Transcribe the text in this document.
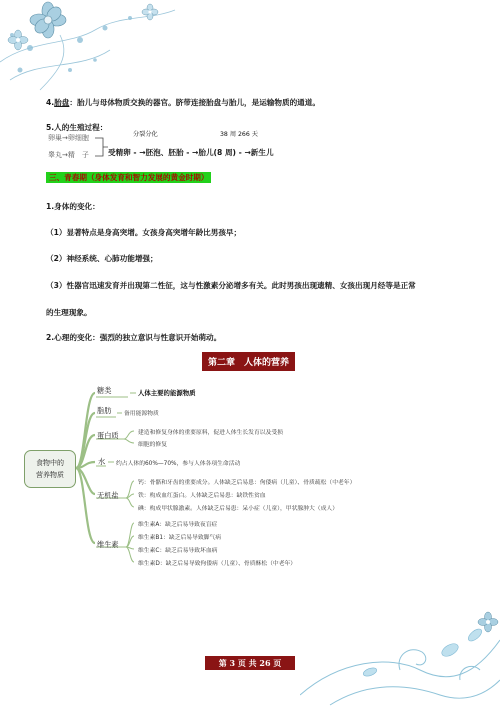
4.胎盘：胎儿与母体物质交换的器官。脐带连接胎盘与胎儿，是运输物质的通道。
5.人的生殖过程：
分裂分化	38 周 266 天
卵巢→卵细胞
睾丸→精　子	受精卵 - →胚泡、胚胎 - →胎儿(8 周) - →新生儿
三、青春期（身体发育和智力发展的黄金时期）
1.身体的变化：
（1）显著特点是身高突增。女孩身高突增年龄比男孩早；
（2）神经系统、心肺功能增强；
（3）性器官迅速发育并出现第二性征，这与性激素分泌增多有关。此时男孩出现遗精、女孩出现月经等是正常
的生理现象。
2.心理的变化：强烈的独立意识与性意识开始萌动。
第二章　人体的营养
食物中的
营养物质
糖类	人体主要的能源物质
脂肪 备用能源物质
蛋白质	建造和修复身体的重要原料，促进人体生长发育以及受损
细胞的修复
水 约占人体的60%—70%，参与人体各项生命活动
无机盐
钙：骨骼和牙齿的重要成分。人体缺乏后易患：佝偻病（儿童）、骨质疏松（中老年）
铁：构成血红蛋白。人体缺乏后易患：缺铁性贫血
碘：构成甲状腺激素。人体缺乏后易患：呆小症（儿童），甲状腺肿大（成人）
维生素
维生素A：缺乏后易导致夜盲症
维生素B1：缺乏后易导致脚气病
维生素C：缺乏后易导致坏血病
维生素D：缺乏后易导致佝偻病（儿童）、骨质酥松（中老年）
第 3 页 共 26 页
